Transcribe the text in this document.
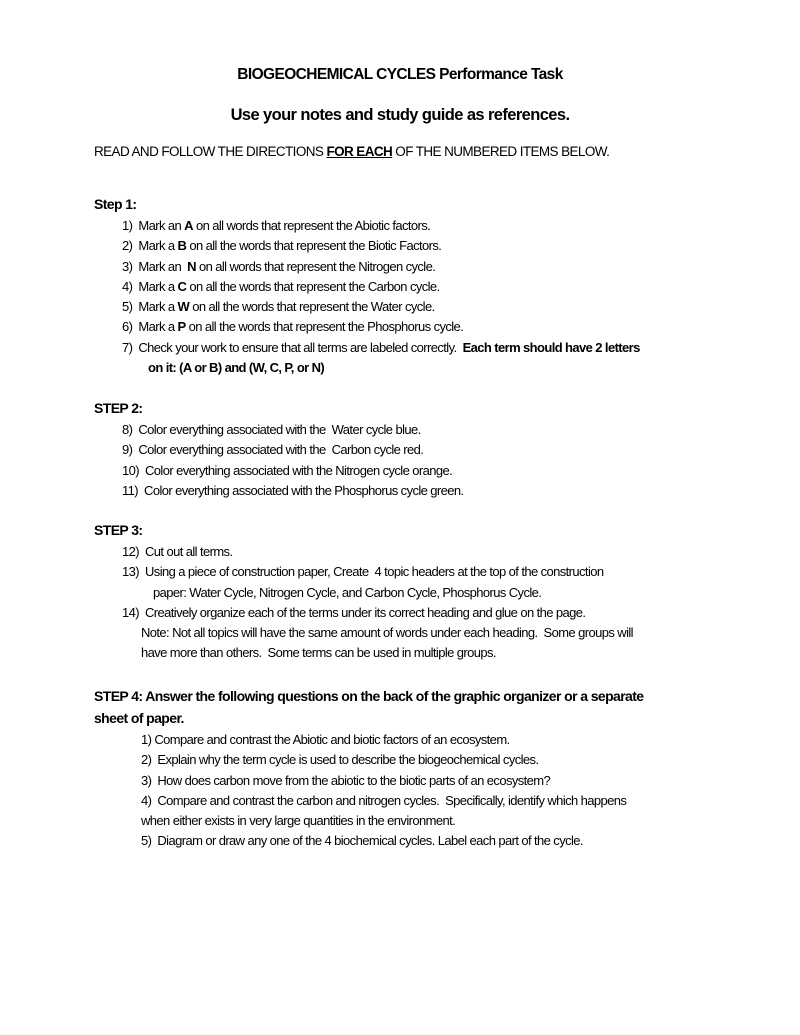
BIOGEOCHEMICAL CYCLES Performance Task
Use your notes and study guide as references.
READ AND FOLLOW THE DIRECTIONS FOR EACH OF THE NUMBERED ITEMS BELOW.
Step 1:
1) Mark an A on all words that represent the Abiotic factors.
2) Mark a B on all the words that represent the Biotic Factors.
3) Mark an  N on all words that represent the Nitrogen cycle.
4) Mark a C on all the words that represent the Carbon cycle.
5) Mark a W on all the words that represent the Water cycle.
6) Mark a P on all the words that represent the Phosphorus cycle.
7) Check your work to ensure that all terms are labeled correctly.  Each term should have 2 letters
on it: (A or B) and (W, C, P, or N)
STEP 2:
8) Color everything associated with the  Water cycle blue.
9) Color everything associated with the  Carbon cycle red.
10) Color everything associated with the Nitrogen cycle orange.
11) Color everything associated with the Phosphorus cycle green.
STEP 3:
12) Cut out all terms.
13) Using a piece of construction paper, Create  4 topic headers at the top of the construction
paper: Water Cycle, Nitrogen Cycle, and Carbon Cycle, Phosphorus Cycle.
14) Creatively organize each of the terms under its correct heading and glue on the page.
Note: Not all topics will have the same amount of words under each heading.  Some groups will
have more than others.  Some terms can be used in multiple groups.
STEP 4: Answer the following questions on the back of the graphic organizer or a separate
sheet of paper.
1) Compare and contrast the Abiotic and biotic factors of an ecosystem.
2)  Explain why the term cycle is used to describe the biogeochemical cycles.
3)  How does carbon move from the abiotic to the biotic parts of an ecosystem?
4)  Compare and contrast the carbon and nitrogen cycles.  Specifically, identify which happens
when either exists in very large quantities in the environment.
5)  Diagram or draw any one of the 4 biochemical cycles. Label each part of the cycle.
